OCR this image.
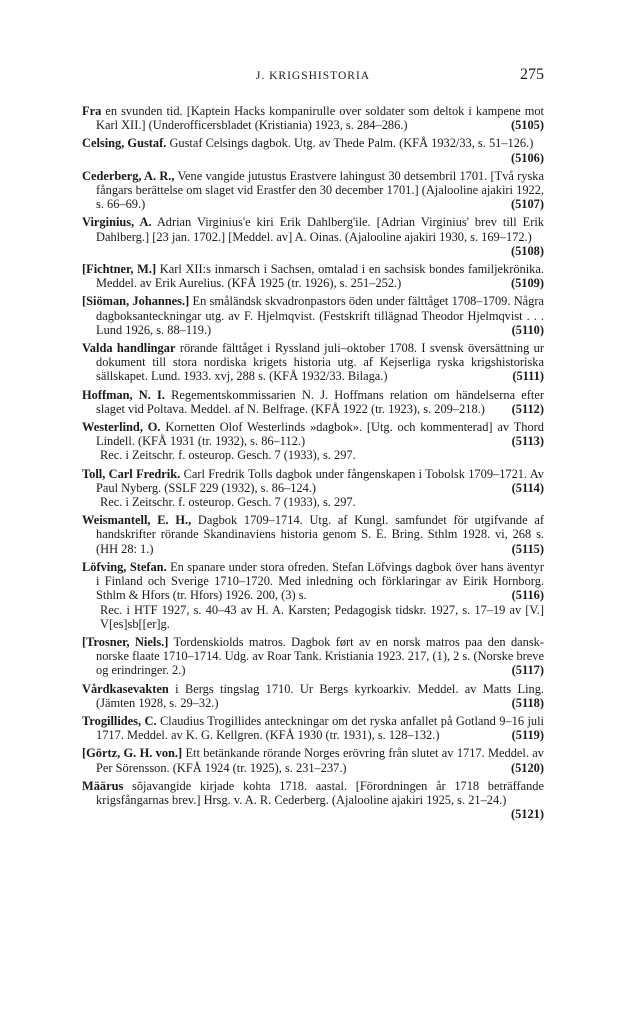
J. KRIGSHISTORIA	275
Fra en svunden tid. [Kaptein Hacks kompanirulle over soldater som deltok i kampene mot Karl XII.] (Underofficersbladet (Kristiania) 1923, s. 284–286.)	(5105)
Celsing, Gustaf. Gustaf Celsings dagbok. Utg. av Thede Palm. (KFÅ 1932/33, s. 51–126.)
(5106)
Cederberg, A. R., Vene vangide jutustus Erastvere lahingust 30 detsembril 1701. [Två ryska fångars berättelse om slaget vid Erastfer den 30 december 1701.] (Ajalooline ajakiri 1922, s. 66–69.)	(5107)
Virginius, A. Adrian Virginius'e kiri Erik Dahlberg'ile. [Adrian Virginius' brev till Erik Dahlberg.] [23 jan. 1702.] [Meddel. av] A. Oinas. (Ajalooline ajakiri 1930, s. 169–172.)
(5108)
[Fichtner, M.] Karl XII:s inmarsch i Sachsen, omtalad i en sachsisk bondes familjekrönika. Meddel. av Erik Aurelius. (KFÅ 1925 (tr. 1926), s. 251–252.)	(5109)
[Siöman, Johannes.] En småländsk skvadronpastors öden under fälttåget 1708–1709. Några dagboksanteckningar utg. av F. Hjelmqvist. (Festskrift tillägnad Theodor Hjelmqvist . . . Lund 1926, s. 88–119.)	(5110)
Valda handlingar rörande fälttåget i Ryssland juli–oktober 1708. I svensk översättning ur dokument till stora nordiska krigets historia utg. af Kejserliga ryska krigshistoriska sällskapet. Lund. 1933. xvj, 288 s. (KFÅ 1932/33. Bilaga.)	(5111)
Hoffman, N. I. Regementskommissarien N. J. Hoffmans relation om händelserna efter slaget vid Poltava. Meddel. af N. Belfrage. (KFÅ 1922 (tr. 1923), s. 209–218.)	(5112)
Westerlind, O. Kornetten Olof Westerlinds »dagbok». [Utg. och kommenterad] av Thord Lindell. (KFÅ 1931 (tr. 1932), s. 86–112.)	(5113)
Rec. i Zeitschr. f. osteurop. Gesch. 7 (1933), s. 297.
Toll, Carl Fredrik. Carl Fredrik Tolls dagbok under fångenskapen i Tobolsk 1709–1721. Av Paul Nyberg. (SSLF 229 (1932), s. 86–124.)	(5114)
Rec. i Zeitschr. f. osteurop. Gesch. 7 (1933), s. 297.
Weismantell, E. H., Dagbok 1709–1714. Utg. af Kungl. samfundet för utgifvande af handskrifter rörande Skandinaviens historia genom S. E. Bring. Sthlm 1928. vi, 268 s. (HH 28: 1.)	(5115)
Löfving, Stefan. En spanare under stora ofreden. Stefan Löfvings dagbok över hans äventyr i Finland och Sverige 1710–1720. Med inledning och förklaringar av Eirik Hornborg. Sthlm & Hfors (tr. Hfors) 1926. 200, (3) s.	(5116)
Rec. i HTF 1927, s. 40–43 av H. A. Karsten; Pedagogisk tidskr. 1927, s. 17–19 av [V.] V[es]sb[[er]g.
[Trosner, Niels.] Tordenskiolds matros. Dagbok ført av en norsk matros paa den dansk-norske flaate 1710–1714. Udg. av Roar Tank. Kristiania 1923. 217, (1), 2 s. (Norske breve og erindringer. 2.)	(5117)
Vårdkasevakten i Bergs tingslag 1710. Ur Bergs kyrkoarkiv. Meddel. av Matts Ling. (Jämten 1928, s. 29–32.)	(5118)
Trogillides, C. Claudius Trogillides anteckningar om det ryska anfallet på Gotland 9–16 juli 1717. Meddel. av K. G. Kellgren. (KFÅ 1930 (tr. 1931), s. 128–132.)	(5119)
[Görtz, G. H. von.] Ett betänkande rörande Norges erövring från slutet av 1717. Meddel. av Per Sörensson. (KFÅ 1924 (tr. 1925), s. 231–237.)	(5120)
Määrus sõjavangide kirjade kohta 1718. aastal. [Förordningen år 1718 beträffande krigsfångarnas brev.] Hrsg. v. A. R. Cederberg. (Ajalooline ajakiri 1925, s. 21–24.)
(5121)
